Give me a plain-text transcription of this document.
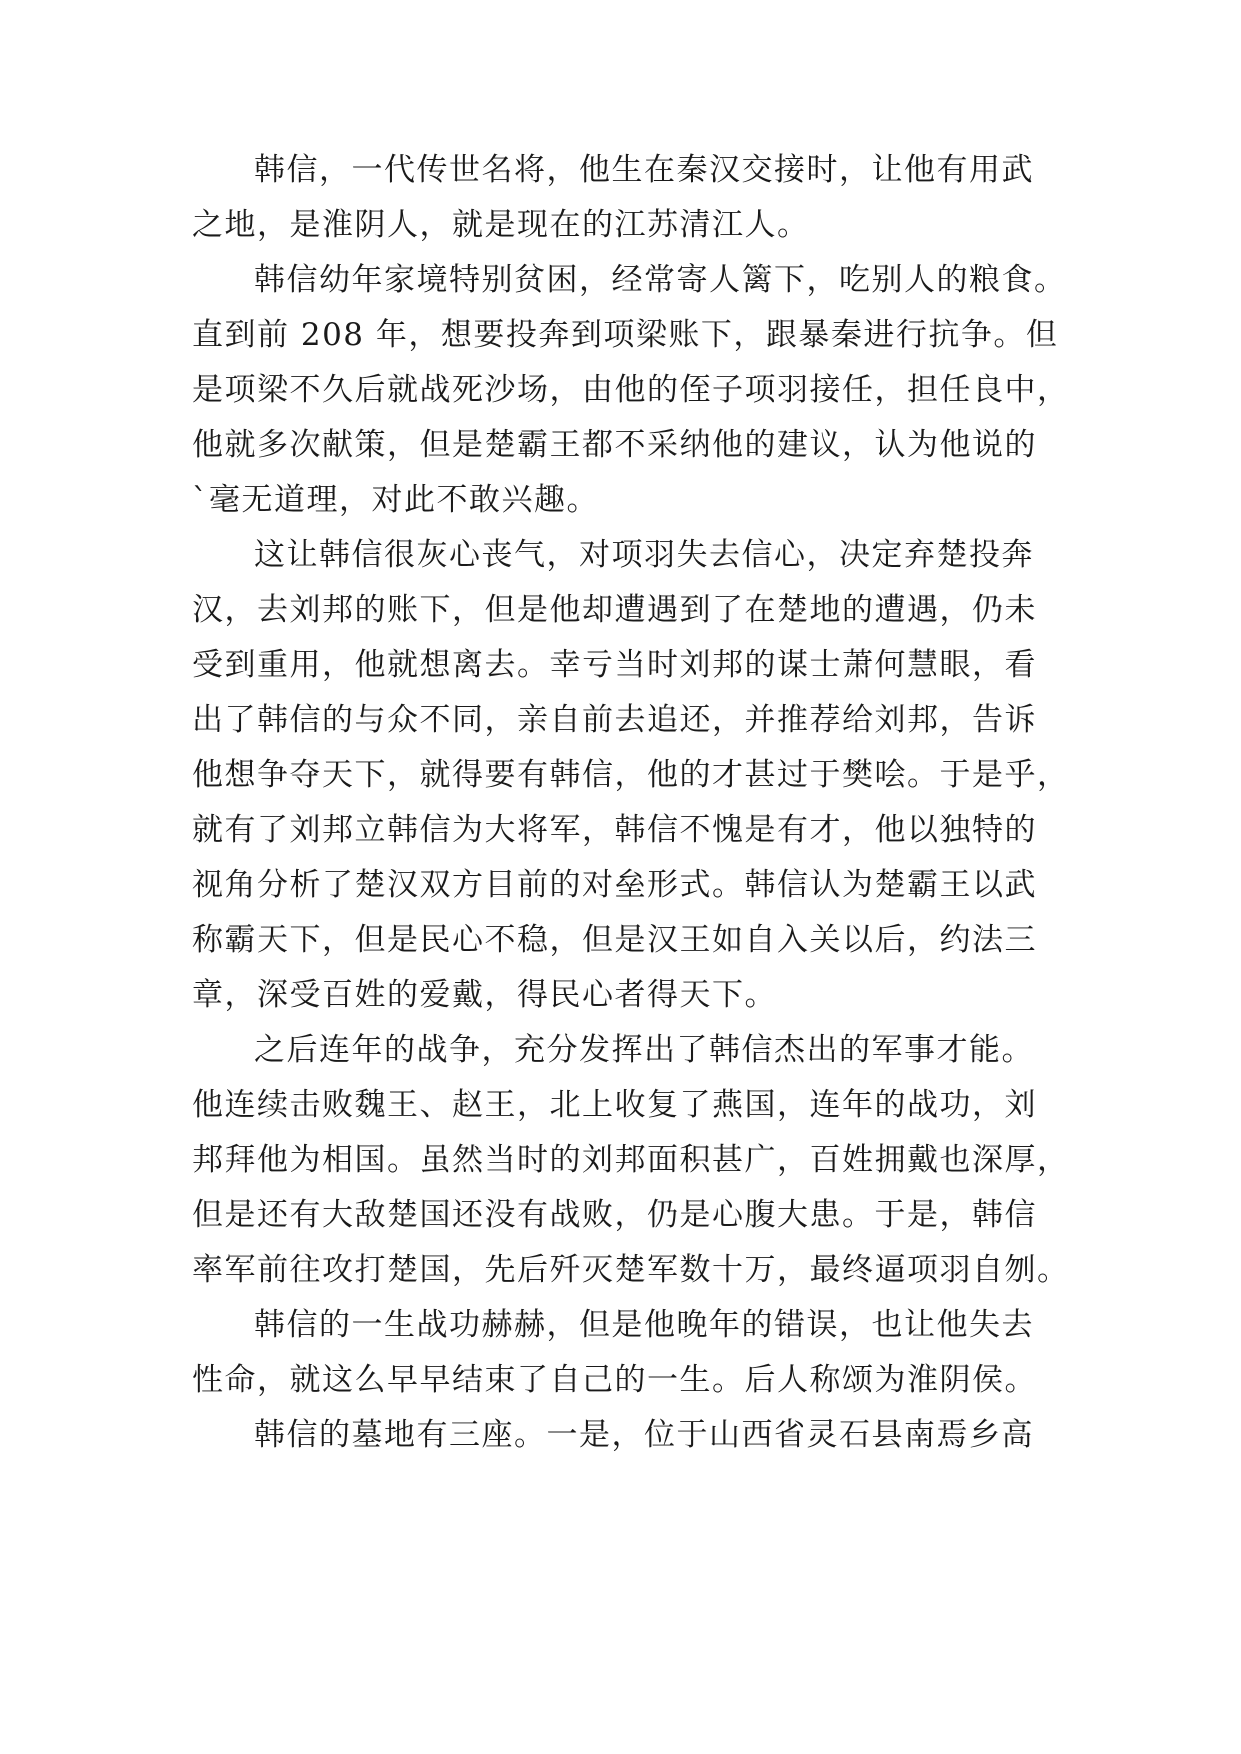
韩信，一代传世名将，他生在秦汉交接时，让他有用武
之地，是淮阴人，就是现在的江苏清江人。
韩信幼年家境特别贫困，经常寄人篱下，吃别人的粮食。
直到前 208 年，想要投奔到项梁账下，跟暴秦进行抗争。但
是项梁不久后就战死沙场，由他的侄子项羽接任，担任良中，
他就多次献策，但是楚霸王都不采纳他的建议，认为他说的
`毫无道理，对此不敢兴趣。
这让韩信很灰心丧气，对项羽失去信心，决定弃楚投奔
汉，去刘邦的账下，但是他却遭遇到了在楚地的遭遇，仍未
受到重用，他就想离去。幸亏当时刘邦的谋士萧何慧眼，看
出了韩信的与众不同，亲自前去追还，并推荐给刘邦，告诉
他想争夺天下，就得要有韩信，他的才甚过于樊哙。于是乎，
就有了刘邦立韩信为大将军，韩信不愧是有才，他以独特的
视角分析了楚汉双方目前的对垒形式。韩信认为楚霸王以武
称霸天下，但是民心不稳，但是汉王如自入关以后，约法三
章，深受百姓的爱戴，得民心者得天下。
之后连年的战争，充分发挥出了韩信杰出的军事才能。
他连续击败魏王、赵王，北上收复了燕国，连年的战功，刘
邦拜他为相国。虽然当时的刘邦面积甚广，百姓拥戴也深厚，
但是还有大敌楚国还没有战败，仍是心腹大患。于是，韩信
率军前往攻打楚国，先后歼灭楚军数十万，最终逼项羽自刎。
韩信的一生战功赫赫，但是他晚年的错误，也让他失去
性命，就这么早早结束了自己的一生。后人称颂为淮阴侯。
韩信的墓地有三座。一是，位于山西省灵石县南焉乡高
